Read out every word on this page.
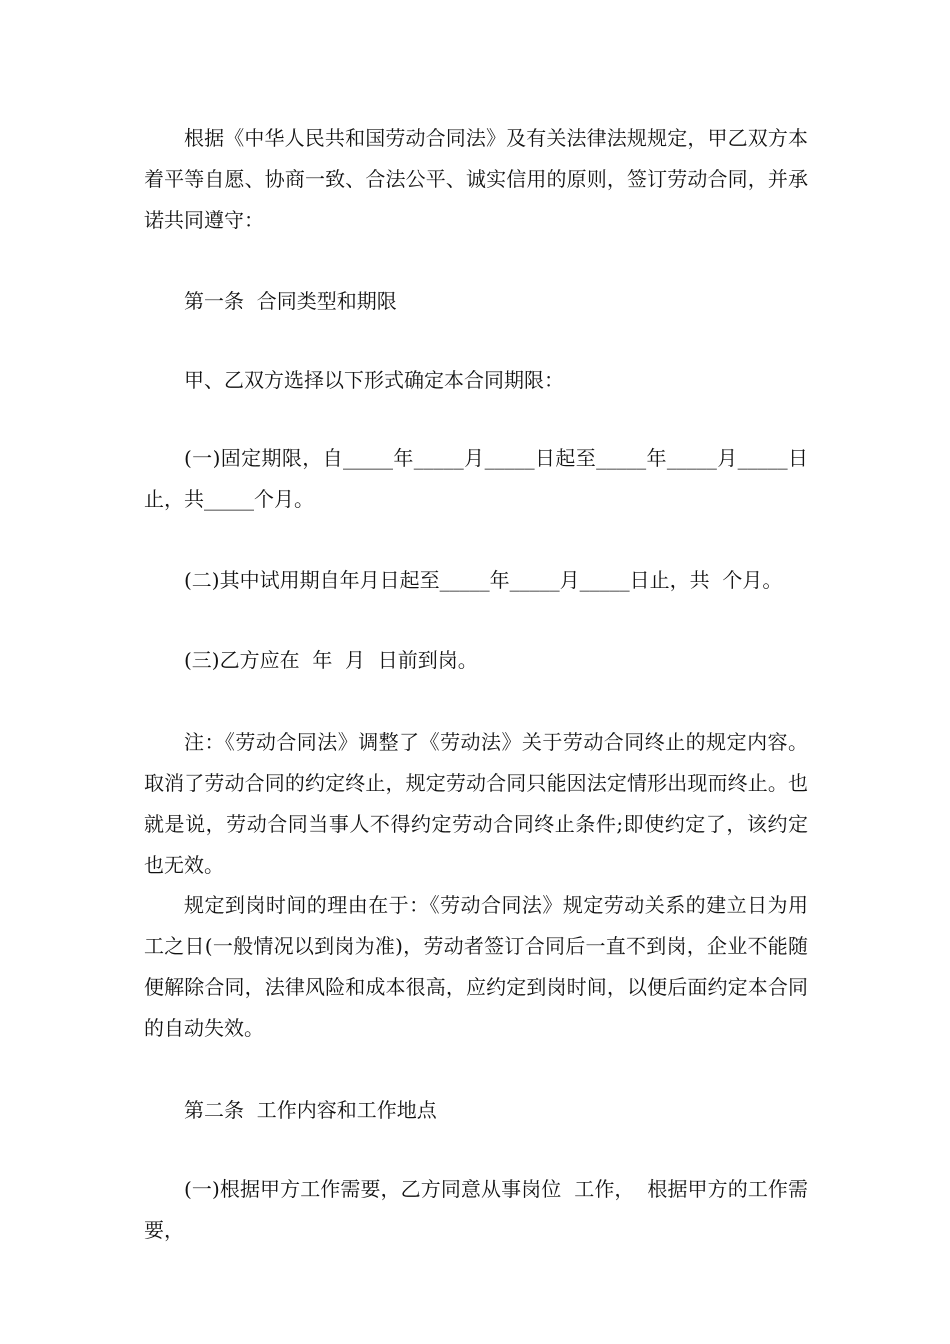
根据《中华人民共和国劳动合同法》及有关法律法规规定，甲乙双方本着平等自愿、协商一致、合法公平、诚实信用的原则，签订劳动合同，并承诺共同遵守：

第一条  合同类型和期限

甲、乙双方选择以下形式确定本合同期限：

(一)固定期限，自_____年_____月_____日起至_____年_____月_____日止，共_____个月。

(二)其中试用期自年月日起至_____年_____月_____日止，共  个月。

(三)乙方应在  年  月  日前到岗。

注：《劳动合同法》调整了《劳动法》关于劳动合同终止的规定内容。取消了劳动合同的约定终止，规定劳动合同只能因法定情形出现而终止。也就是说，劳动合同当事人不得约定劳动合同终止条件;即使约定了，该约定也无效。

规定到岗时间的理由在于：《劳动合同法》规定劳动关系的建立日为用工之日(一般情况以到岗为准)，劳动者签订合同后一直不到岗，企业不能随便解除合同，法律风险和成本很高，应约定到岗时间，以便后面约定本合同的自动失效。

第二条  工作内容和工作地点

(一)根据甲方工作需要，乙方同意从事岗位  工作，  根据甲方的工作需要，
